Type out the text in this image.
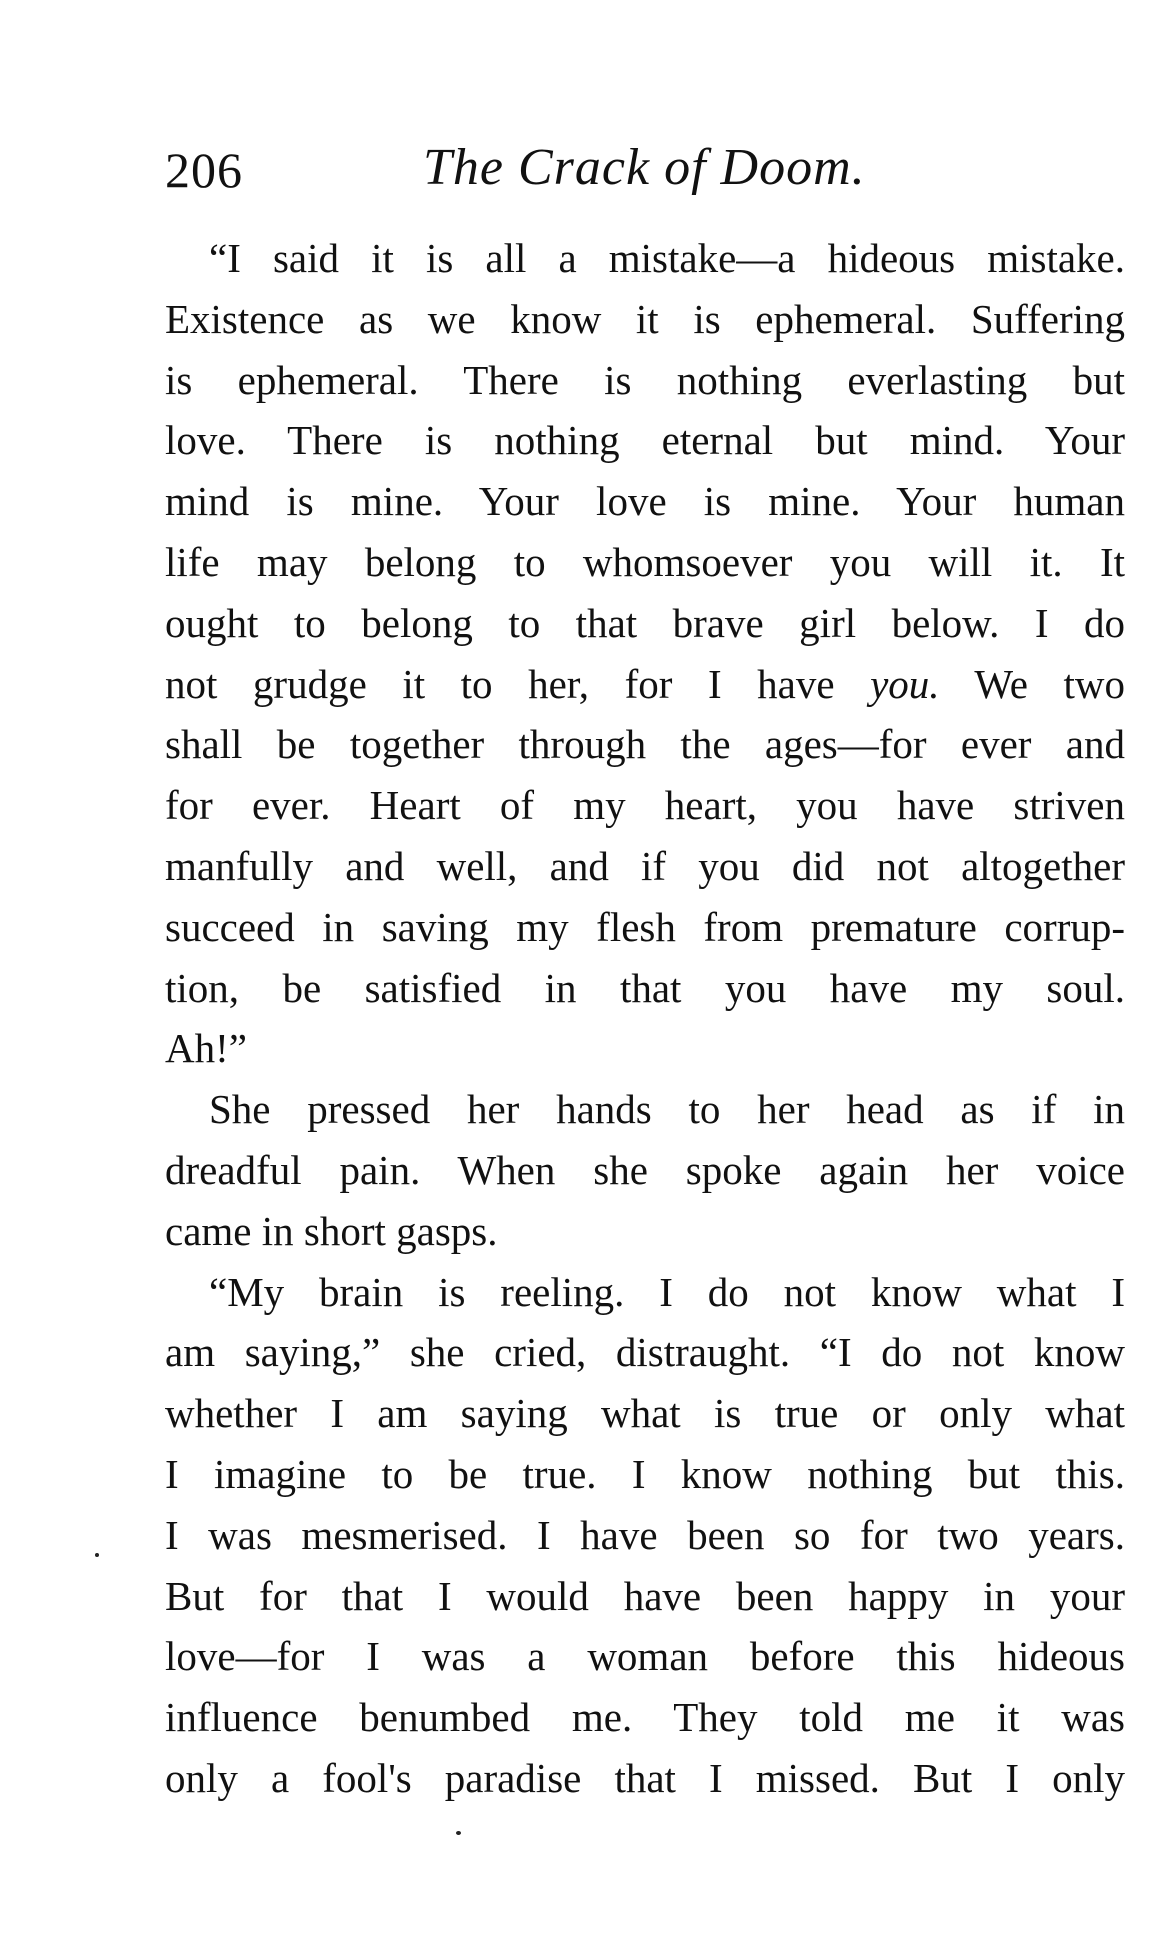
206	The Crack of Doom.
“I said it is all a mistake—a hideous mistake.
Existence as we know it is ephemeral. Suffering
is ephemeral. There is nothing everlasting but
love. There is nothing eternal but mind. Your
mind is mine. Your love is mine. Your human
life may belong to whomsoever you will it. It
ought to belong to that brave girl below. I do
not grudge it to her, for I have you. We two
shall be together through the ages—for ever and
for ever. Heart of my heart, you have striven
manfully and well, and if you did not altogether
succeed in saving my flesh from premature corrup-
tion, be satisfied in that you have my soul.
Ah!”
She pressed her hands to her head as if in
dreadful pain. When she spoke again her voice
came in short gasps.
“My brain is reeling. I do not know what I
am saying,” she cried, distraught. “I do not know
whether I am saying what is true or only what
I imagine to be true. I know nothing but this.
I was mesmerised. I have been so for two years.
But for that I would have been happy in your
love—for I was a woman before this hideous
influence benumbed me. They told me it was
only a fool's paradise that I missed. But I only
